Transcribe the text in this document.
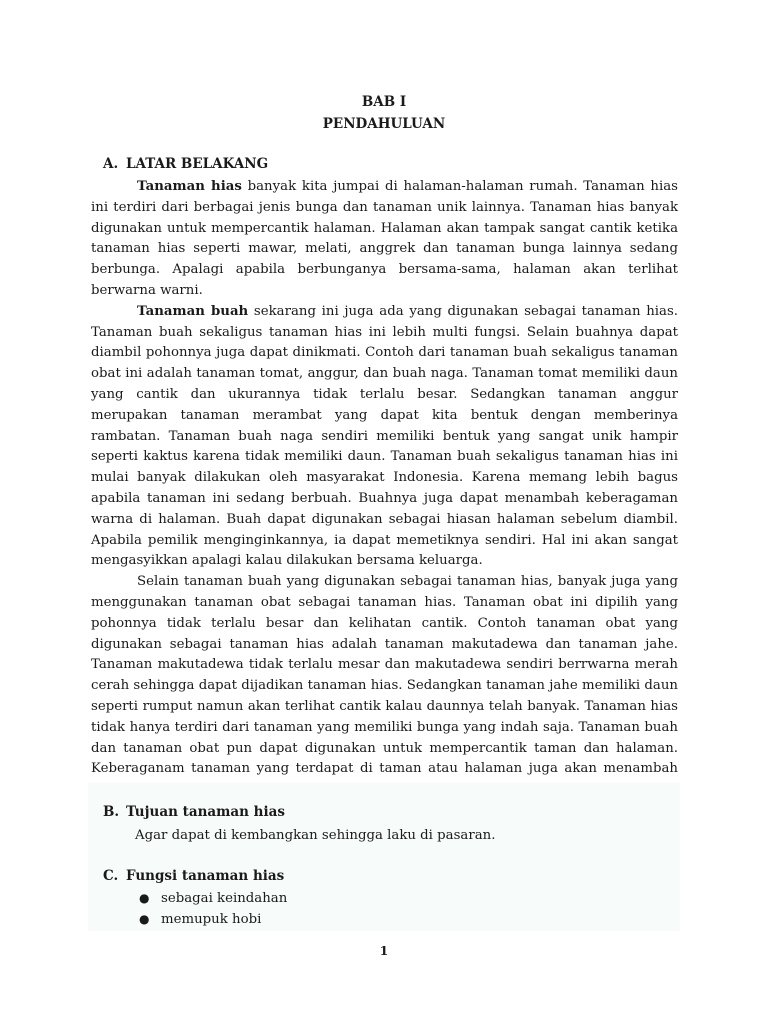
BAB I
PENDAHULUAN
A. LATAR BELAKANG

Tanaman hias banyak kita jumpai di halaman-halaman rumah. Tanaman hias ini terdiri dari berbagai jenis bunga dan tanaman unik lainnya. Tanaman hias banyak digunakan untuk mempercantik halaman. Halaman akan tampak sangat cantik ketika tanaman hias seperti mawar, melati, anggrek dan tanaman bunga lainnya sedang berbunga. Apalagi apabila berbunganya bersama-sama, halaman akan terlihat berwarna warni.

Tanaman buah sekarang ini juga ada yang digunakan sebagai tanaman hias. Tanaman buah sekaligus tanaman hias ini lebih multi fungsi. Selain buahnya dapat diambil pohonnya juga dapat dinikmati. Contoh dari tanaman buah sekaligus tanaman obat ini adalah tanaman tomat, anggur, dan buah naga. Tanaman tomat memiliki daun yang cantik dan ukurannya tidak terlalu besar. Sedangkan tanaman anggur merupakan tanaman merambat yang dapat kita bentuk dengan memberinya rambatan. Tanaman buah naga sendiri memiliki bentuk yang sangat unik hampir seperti kaktus karena tidak memiliki daun. Tanaman buah sekaligus tanaman hias ini mulai banyak dilakukan oleh masyarakat Indonesia. Karena memang lebih bagus apabila tanaman ini sedang berbuah. Buahnya juga dapat menambah keberagaman warna di halaman. Buah dapat digunakan sebagai hiasan halaman sebelum diambil. Apabila pemilik menginginkannya, ia dapat memetiknya sendiri. Hal ini akan sangat mengasyikkan apalagi kalau dilakukan bersama keluarga.

Selain tanaman buah yang digunakan sebagai tanaman hias, banyak juga yang menggunakan tanaman obat sebagai tanaman hias. Tanaman obat ini dipilih yang pohonnya tidak terlalu besar dan kelihatan cantik. Contoh tanaman obat yang digunakan sebagai tanaman hias adalah tanaman makutadewa dan tanaman jahe. Tanaman makutadewa tidak terlalu mesar dan makutadewa sendiri berrwarna merah cerah sehingga dapat dijadikan tanaman hias. Sedangkan tanaman jahe memiliki daun seperti rumput namun akan terlihat cantik kalau daunnya telah banyak. Tanaman hias tidak hanya terdiri dari tanaman yang memiliki bunga yang indah saja. Tanaman buah dan tanaman obat pun dapat digunakan untuk mempercantik taman dan halaman. Keberaganam tanaman yang terdapat di taman atau halaman juga akan menambah

B. Tujuan tanaman hias
Agar dapat di kembangkan sehingga laku di pasaran.
C. Fungsi tanaman hias
● sebagai keindahan
● memupuk hobi
1
